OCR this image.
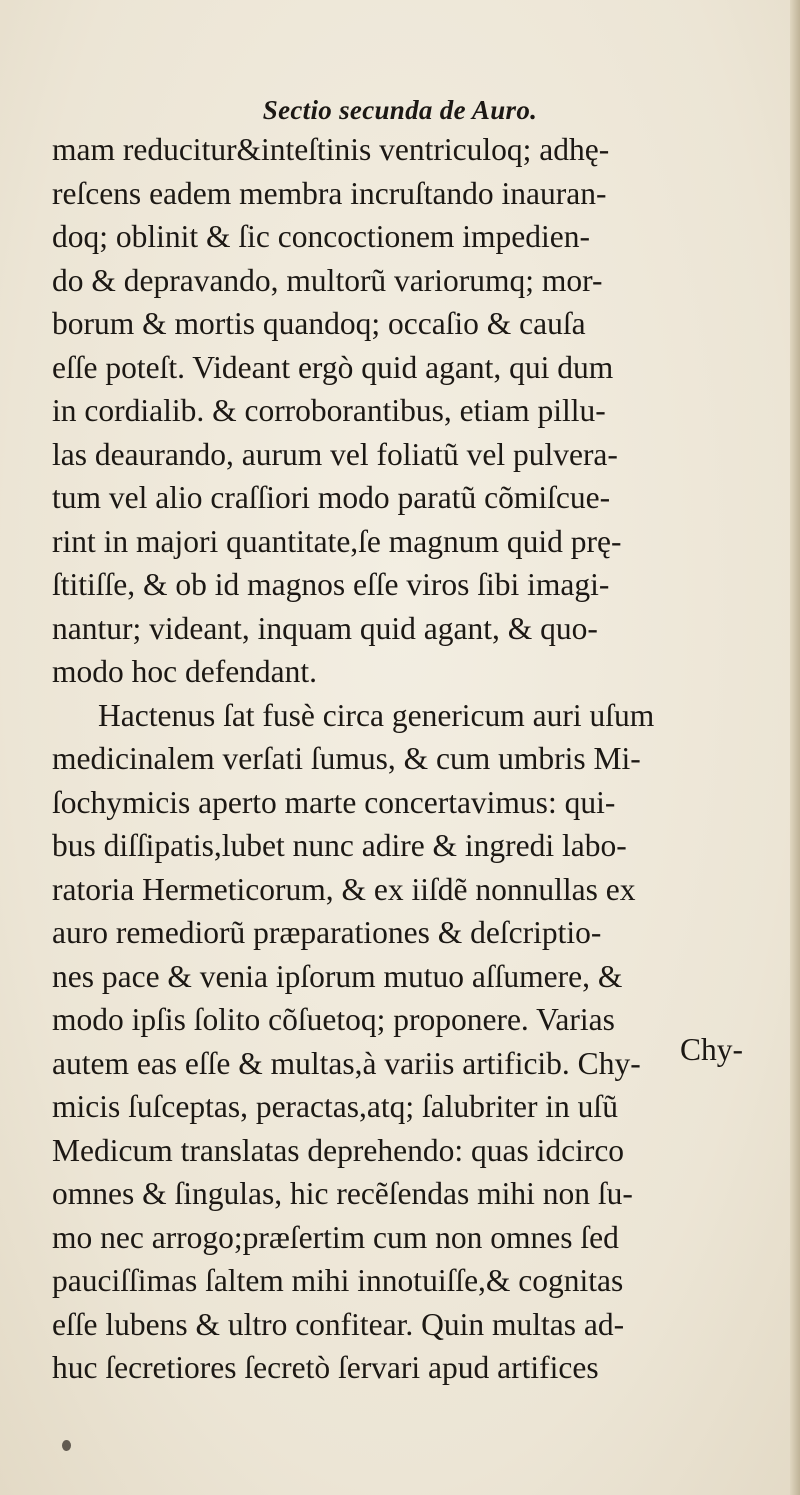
Sectio secunda de Auro.
mam reducitur&inteſtinis ventriculoq; adhę-
reſcens eadem membra incruſtando inauran-
doq; oblinit & ſic concoctionem impedien-
do & depravando, multorũ variorumq; mor-
borum & mortis quandoq; occaſio & cauſa
eſſe poteſt. Videant ergò quid agant, qui dum
in cordialib. & corroborantibus, etiam pillu-
las deaurando, aurum vel foliatũ vel pulvera-
tum vel alio craſſiori modo paratũ cõmiſcue-
rint in majori quantitate,ſe magnum quid prę-
ſtitiſſe, & ob id magnos eſſe viros ſibi imagi-
nantur; videant, inquam quid agant, & quo-
modo hoc defendant.
Hactenus ſat fusè circa genericum auri uſum
medicinalem verſati ſumus, & cum umbris Mi-
ſochymicis aperto marte concertavimus: qui-
bus diſſipatis,lubet nunc adire & ingredi labo-
ratoria Hermeticorum, & ex iiſdẽ nonnullas ex
auro remediorũ præparationes & deſcriptio-
nes pace & venia ipſorum mutuo aſſumere, &
modo ipſis ſolito cõſuetoq; proponere. Varias
autem eas eſſe & multas,à variis artificib. Chy-
micis ſuſceptas, peractas,atq; ſalubriter in uſũ
Medicum translatas deprehendo: quas idcirco
omnes & ſingulas, hic recẽſendas mihi non ſu-
mo nec arrogo;præſertim cum non omnes ſed
pauciſſimas ſaltem mihi innotuiſſe,& cognitas
eſſe lubens & ultro confitear. Quin multas ad-
huc ſecretiores ſecretò ſervari apud artifices
Chy-
